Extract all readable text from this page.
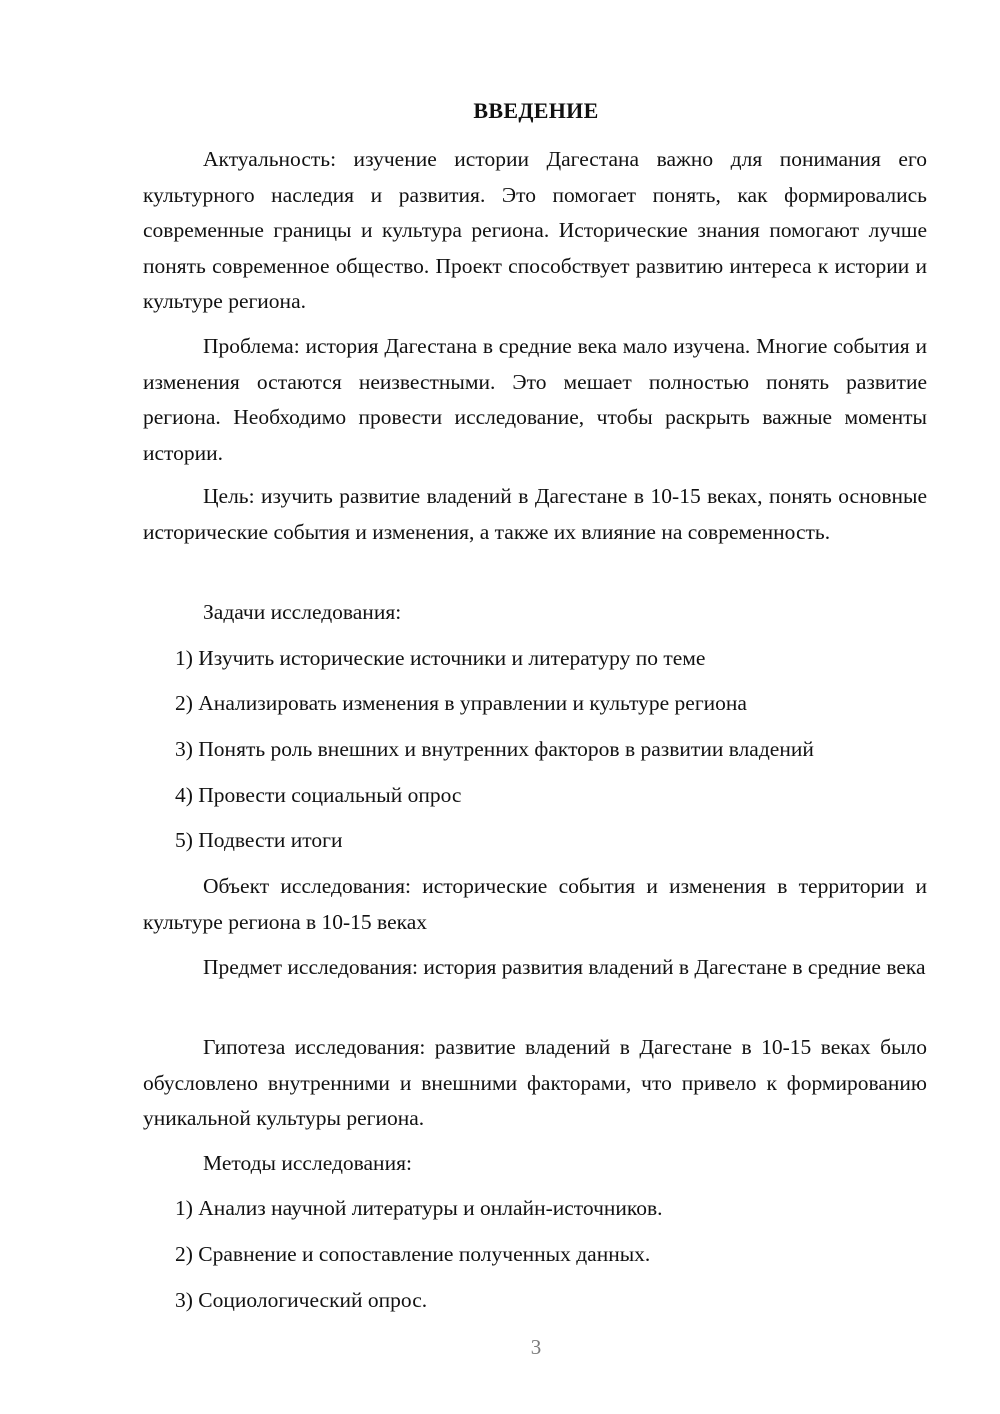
ВВЕДЕНИЕ
Актуальность: изучение истории Дагестана важно для понимания его культурного наследия и развития. Это помогает понять, как формировались современные границы и культура региона. Исторические знания помогают лучше понять современное общество. Проект способствует развитию интереса к истории и культуре региона.
Проблема: история Дагестана в средние века мало изучена. Многие события и изменения остаются неизвестными. Это мешает полностью понять развитие региона. Необходимо провести исследование, чтобы раскрыть важные моменты истории.
Цель: изучить развитие владений в Дагестане в 10-15 веках, понять основные исторические события и изменения, а также их влияние на современность.
Задачи исследования:
1) Изучить исторические источники и литературу по теме
2) Анализировать изменения в управлении и культуре региона
3) Понять роль внешних и внутренних факторов в развитии владений
4) Провести социальный опрос
5) Подвести итоги
Объект исследования: исторические события и изменения в территории и культуре региона в 10-15 веках
Предмет исследования: история развития владений в Дагестане в средние века
Гипотеза исследования: развитие владений в Дагестане в 10-15 веках было обусловлено внутренними и внешними факторами, что привело к формированию уникальной культуры региона.
Методы исследования:
1) Анализ научной литературы и онлайн-источников.
2) Сравнение и сопоставление полученных данных.
3) Социологический опрос.
3
